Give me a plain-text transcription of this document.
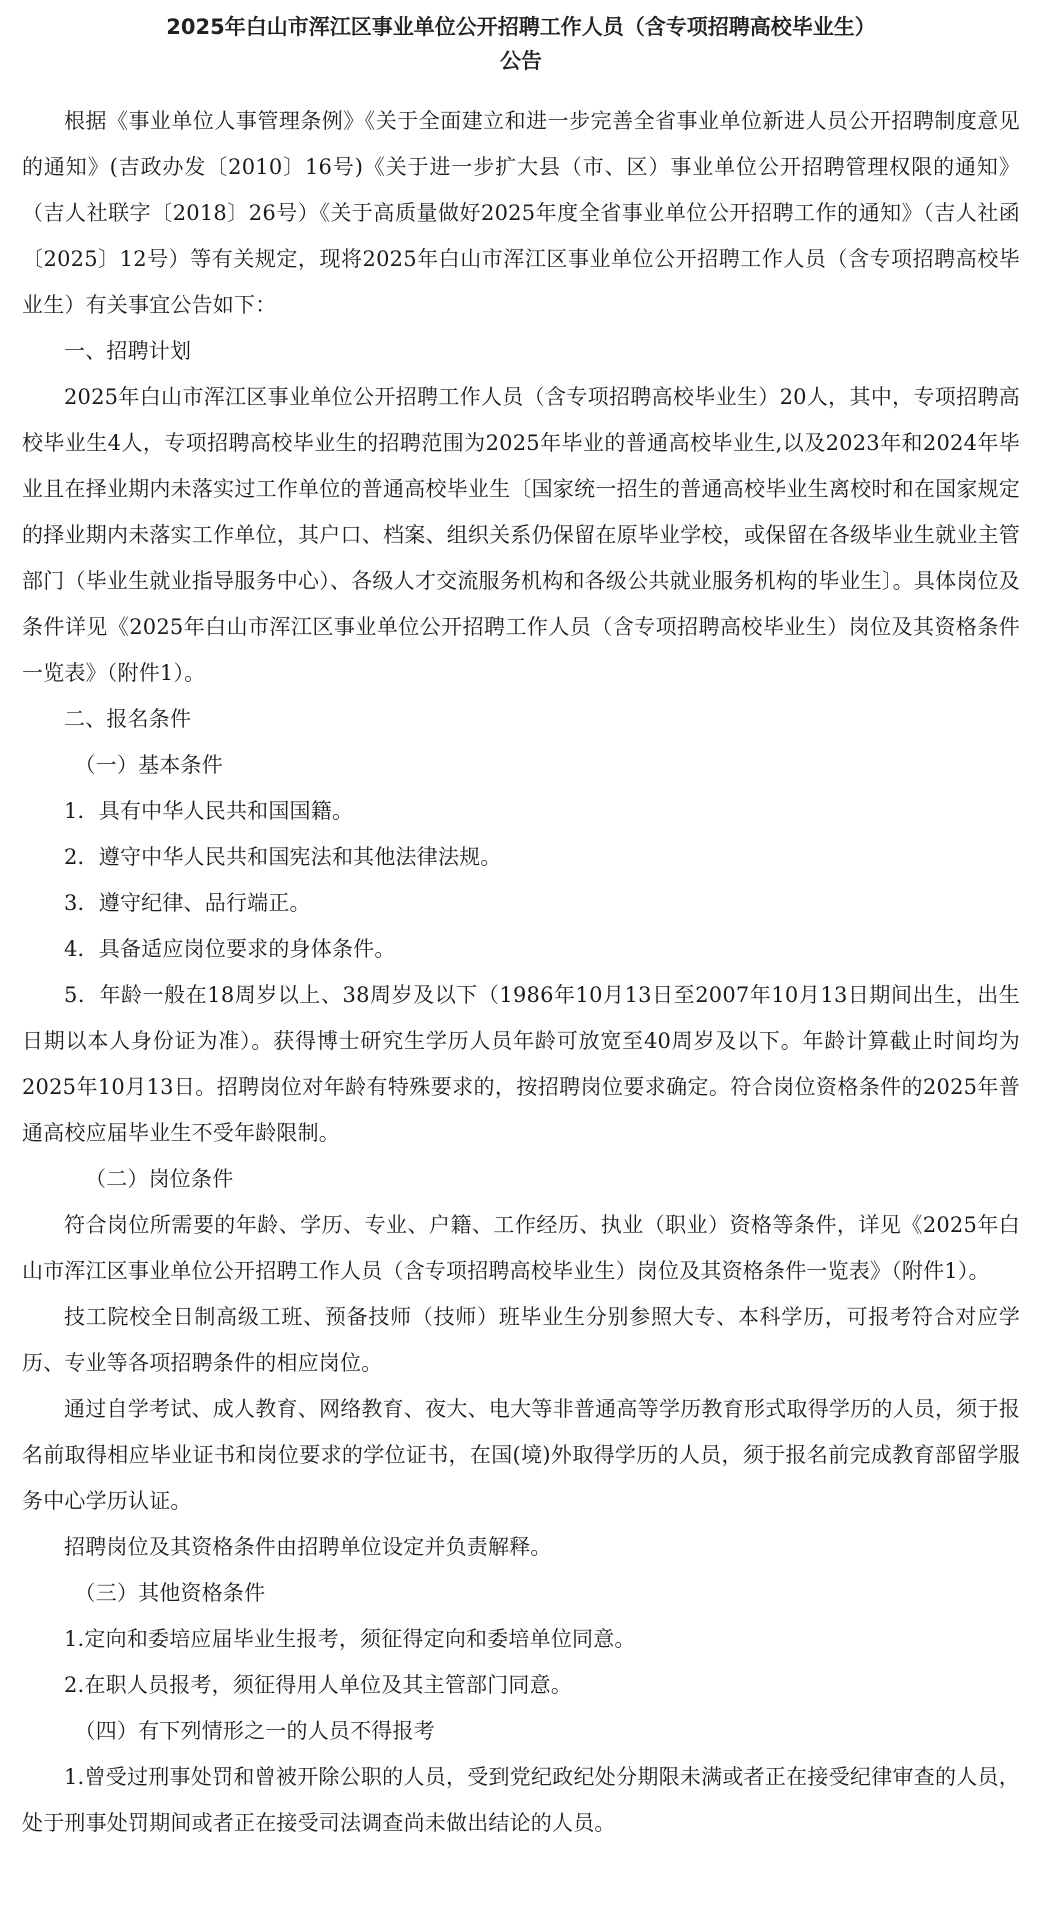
2025年白山市浑江区事业单位公开招聘工作人员（含专项招聘高校毕业生）
公告

根据《事业单位人事管理条例》《关于全面建立和进一步完善全省事业单位新进人员公开招聘制度意见的通知》(吉政办发〔2010〕16号)《关于进一步扩大县（市、区）事业单位公开招聘管理权限的通知》（吉人社联字〔2018〕26号）《关于高质量做好2025年度全省事业单位公开招聘工作的通知》（吉人社函〔2025〕12号）等有关规定，现将2025年白山市浑江区事业单位公开招聘工作人员（含专项招聘高校毕业生）有关事宜公告如下：

一、招聘计划

2025年白山市浑江区事业单位公开招聘工作人员（含专项招聘高校毕业生）20人，其中，专项招聘高校毕业生4人，专项招聘高校毕业生的招聘范围为2025年毕业的普通高校毕业生,以及2023年和2024年毕业且在择业期内未落实过工作单位的普通高校毕业生〔国家统一招生的普通高校毕业生离校时和在国家规定的择业期内未落实工作单位，其户口、档案、组织关系仍保留在原毕业学校，或保留在各级毕业生就业主管部门（毕业生就业指导服务中心）、各级人才交流服务机构和各级公共就业服务机构的毕业生〕。具体岗位及条件详见《2025年白山市浑江区事业单位公开招聘工作人员（含专项招聘高校毕业生）岗位及其资格条件一览表》（附件1）。

二、报名条件

（一）基本条件

1．具有中华人民共和国国籍。

2．遵守中华人民共和国宪法和其他法律法规。

3．遵守纪律、品行端正。

4．具备适应岗位要求的身体条件。

5．年龄一般在18周岁以上、38周岁及以下（1986年10月13日至2007年10月13日期间出生，出生日期以本人身份证为准）。获得博士研究生学历人员年龄可放宽至40周岁及以下。年龄计算截止时间均为2025年10月13日。招聘岗位对年龄有特殊要求的，按招聘岗位要求确定。符合岗位资格条件的2025年普通高校应届毕业生不受年龄限制。

（二）岗位条件

符合岗位所需要的年龄、学历、专业、户籍、工作经历、执业（职业）资格等条件，详见《2025年白山市浑江区事业单位公开招聘工作人员（含专项招聘高校毕业生）岗位及其资格条件一览表》（附件1）。

技工院校全日制高级工班、预备技师（技师）班毕业生分别参照大专、本科学历，可报考符合对应学历、专业等各项招聘条件的相应岗位。

通过自学考试、成人教育、网络教育、夜大、电大等非普通高等学历教育形式取得学历的人员，须于报名前取得相应毕业证书和岗位要求的学位证书，在国(境)外取得学历的人员，须于报名前完成教育部留学服务中心学历认证。

招聘岗位及其资格条件由招聘单位设定并负责解释。

（三）其他资格条件

1.定向和委培应届毕业生报考，须征得定向和委培单位同意。

2.在职人员报考，须征得用人单位及其主管部门同意。

（四）有下列情形之一的人员不得报考

1.曾受过刑事处罚和曾被开除公职的人员，受到党纪政纪处分期限未满或者正在接受纪律审查的人员，处于刑事处罚期间或者正在接受司法调查尚未做出结论的人员。
